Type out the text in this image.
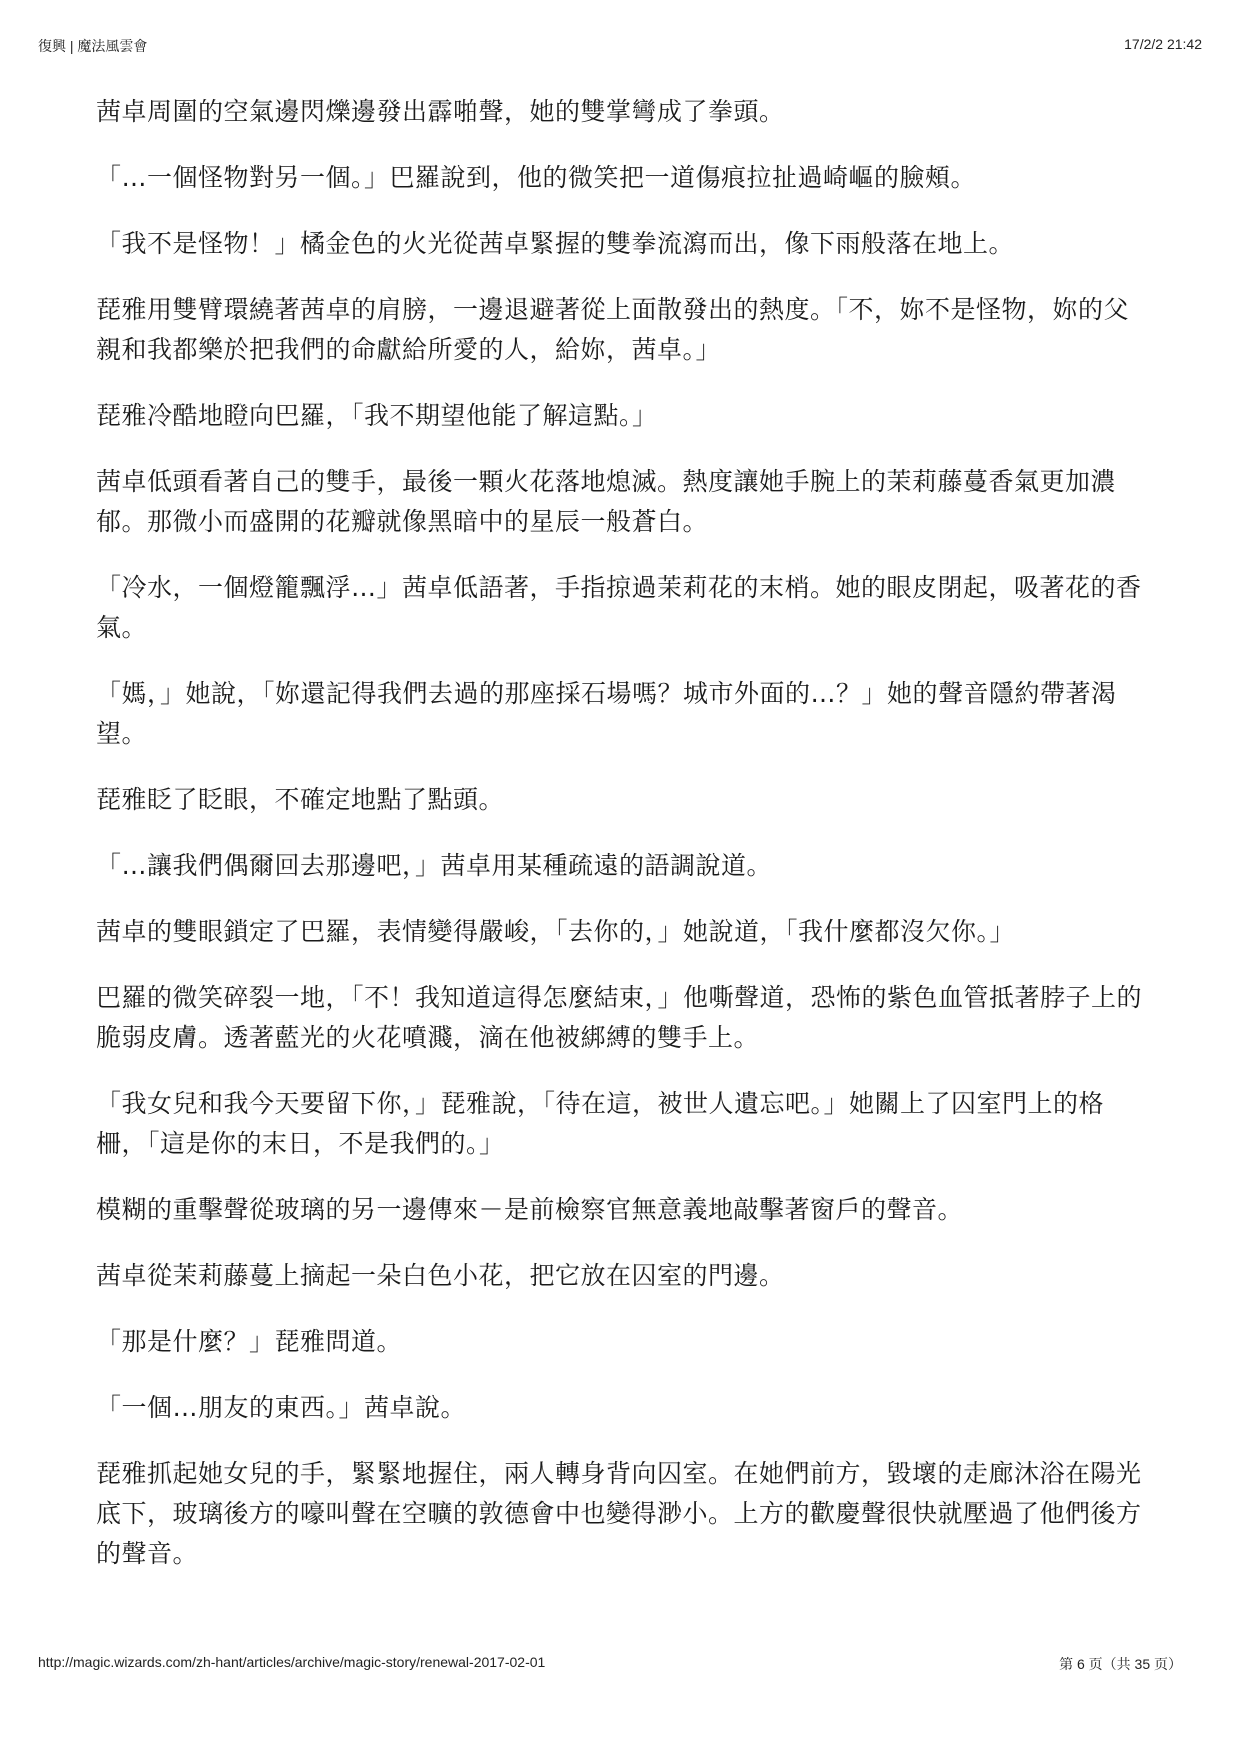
復興 | 魔法風雲會	17/2/2 21:42

茜卓周圍的空氣邊閃爍邊發出霹啪聲，她的雙掌彎成了拳頭。

「…一個怪物對另一個。」巴羅說到，他的微笑把一道傷痕拉扯過崎嶇的臉頰。

「我不是怪物！」橘金色的火光從茜卓緊握的雙拳流瀉而出，像下雨般落在地上。

琵雅用雙臂環繞著茜卓的肩膀，一邊退避著從上面散發出的熱度。「不，妳不是怪物，妳的父親和我都樂於把我們的命獻給所愛的人，給妳，茜卓。」

琵雅冷酷地瞪向巴羅，「我不期望他能了解這點。」

茜卓低頭看著自己的雙手，最後一顆火花落地熄滅。熱度讓她手腕上的茉莉藤蔓香氣更加濃郁。那微小而盛開的花瓣就像黑暗中的星辰一般蒼白。

「冷水，一個燈籠飄浮…」茜卓低語著，手指掠過茉莉花的末梢。她的眼皮閉起，吸著花的香氣。

「媽，」她說，「妳還記得我們去過的那座採石場嗎？城市外面的…？」她的聲音隱約帶著渴望。

琵雅眨了眨眼，不確定地點了點頭。

「…讓我們偶爾回去那邊吧，」茜卓用某種疏遠的語調說道。

茜卓的雙眼鎖定了巴羅，表情變得嚴峻，「去你的，」她說道，「我什麼都沒欠你。」

巴羅的微笑碎裂一地，「不！我知道這得怎麼結束，」他嘶聲道，恐怖的紫色血管抵著脖子上的脆弱皮膚。透著藍光的火花噴濺，滴在他被綁縛的雙手上。

「我女兒和我今天要留下你，」琵雅說，「待在這，被世人遺忘吧。」她關上了囚室門上的格柵，「這是你的末日，不是我們的。」

模糊的重擊聲從玻璃的另一邊傳來－是前檢察官無意義地敲擊著窗戶的聲音。

茜卓從茉莉藤蔓上摘起一朵白色小花，把它放在囚室的門邊。

「那是什麼？」琵雅問道。

「一個…朋友的東西。」茜卓說。

琵雅抓起她女兒的手，緊緊地握住，兩人轉身背向囚室。在她們前方，毀壞的走廊沐浴在陽光底下，玻璃後方的嚎叫聲在空曠的敦德會中也變得渺小。上方的歡慶聲很快就壓過了他們後方的聲音。

http://magic.wizards.com/zh-hant/articles/archive/magic-story/renewal-2017-02-01	第 6 页（共 35 页）
